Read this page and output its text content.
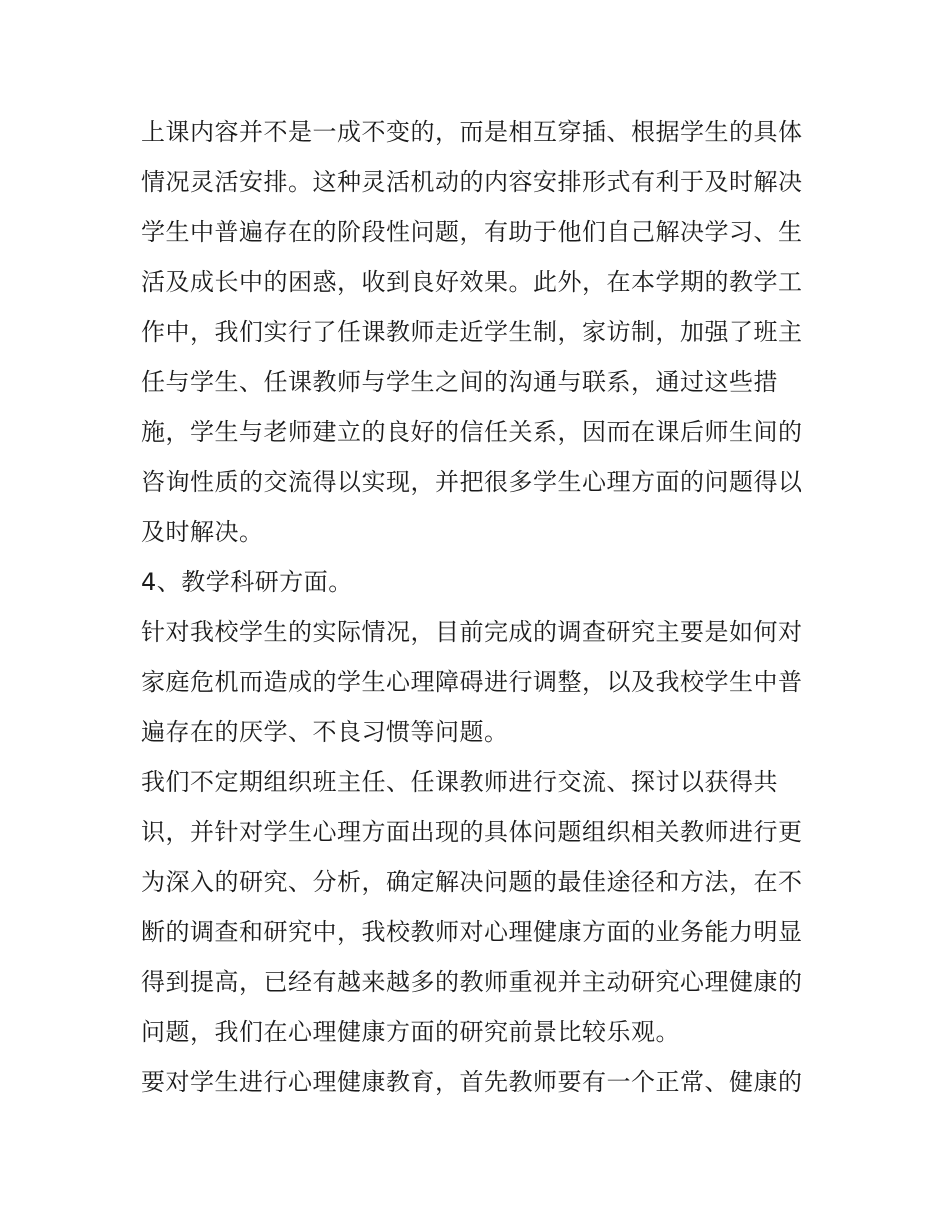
上课内容并不是一成不变的，而是相互穿插、根据学生的具体
情况灵活安排。这种灵活机动的内容安排形式有利于及时解决
学生中普遍存在的阶段性问题，有助于他们自己解决学习、生
活及成长中的困惑，收到良好效果。此外，在本学期的教学工
作中，我们实行了任课教师走近学生制，家访制，加强了班主
任与学生、任课教师与学生之间的沟通与联系，通过这些措
施，学生与老师建立的良好的信任关系，因而在课后师生间的
咨询性质的交流得以实现，并把很多学生心理方面的问题得以
及时解决。
4、教学科研方面。
针对我校学生的实际情况，目前完成的调查研究主要是如何对
家庭危机而造成的学生心理障碍进行调整，以及我校学生中普
遍存在的厌学、不良习惯等问题。
我们不定期组织班主任、任课教师进行交流、探讨以获得共
识，并针对学生心理方面出现的具体问题组织相关教师进行更
为深入的研究、分析，确定解决问题的最佳途径和方法，在不
断的调查和研究中，我校教师对心理健康方面的业务能力明显
得到提高，已经有越来越多的教师重视并主动研究心理健康的
问题，我们在心理健康方面的研究前景比较乐观。
要对学生进行心理健康教育，首先教师要有一个正常、健康的
